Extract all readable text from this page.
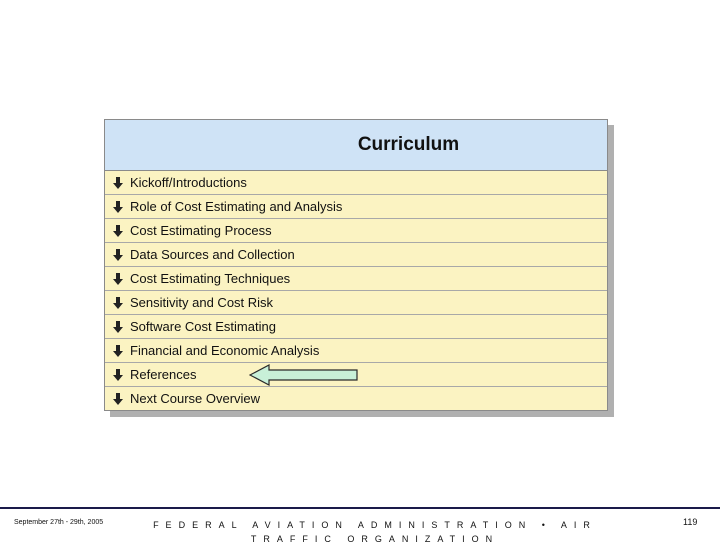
Curriculum
Kickoff/Introductions
Role of Cost Estimating and Analysis
Cost Estimating Process
Data Sources and Collection
Cost Estimating Techniques
Sensitivity and Cost Risk
Software Cost Estimating
Financial and Economic Analysis
References
Next Course Overview
September 27th - 29th, 2005	FEDERAL AVIATION ADMINISTRATION • AIR TRAFFIC ORGANIZATION
119
